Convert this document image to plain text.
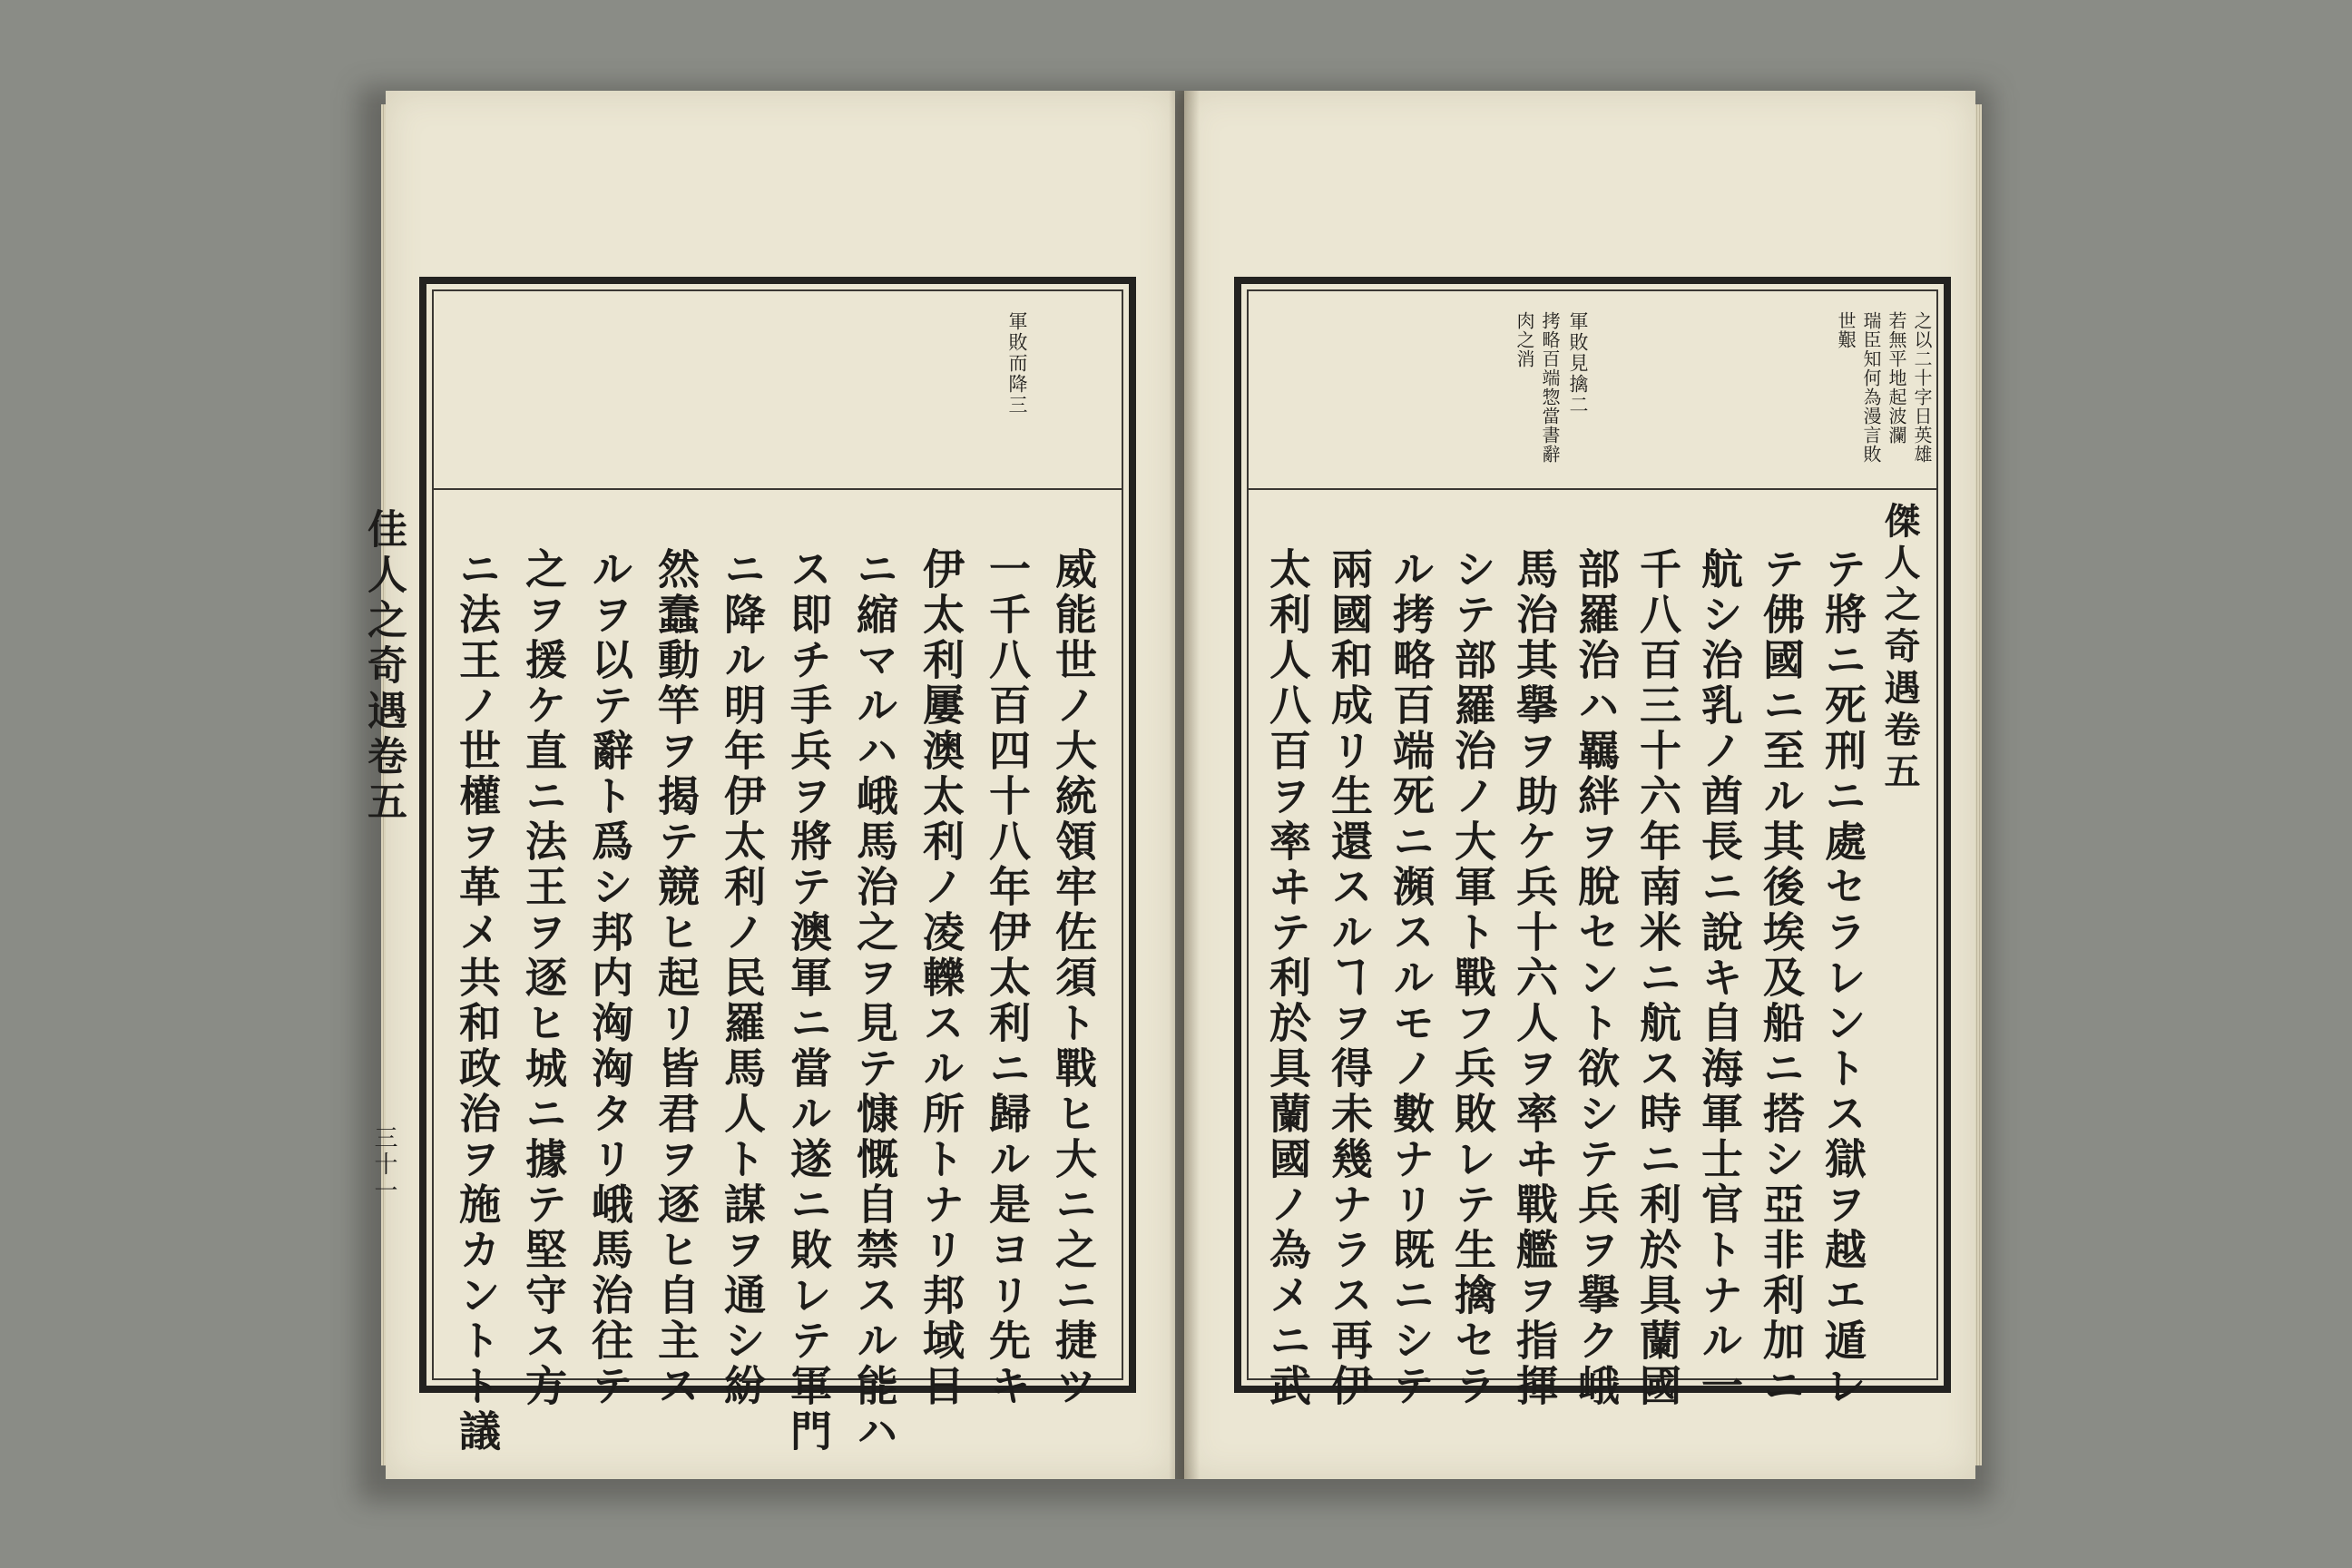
軍敗而降三
威能世ノ大統領牢佐須ト戰ヒ大ニ之ニ捷ツ
一千八百四十八年伊太利ニ歸ル是ヨリ先キ
伊太利屢澳太利ノ凌轢スル所トナリ邦域日
ニ縮マルハ峨馬治之ヲ見テ慷慨自禁スル能ハ
ス即チ手兵ヲ將テ澳軍ニ當ル遂ニ敗レテ軍門
ニ降ル明年伊太利ノ民羅馬人ト謀ヲ通シ紛
然蠢動竿ヲ揭テ競ヒ起リ皆君ヲ逐ヒ自主ス
ルヲ以テ辭ト爲シ邦内洶洶タリ峨馬治往テ
之ヲ援ケ直ニ法王ヲ逐ヒ城ニ據テ堅守ス方
ニ法王ノ世權ヲ革メ共和政治ヲ施カントト議
佳人之奇遇卷五
三十一
之以二十字日英雄
若無平地起波瀾
瑞臣知何為漫言敗
世艱
軍敗見擒二
拷略百端惣當書辭
肉之消
傑人之奇遇卷五
テ將ニ死刑ニ處セラレントス獄ヲ越エ遁レ
テ佛國ニ至ル其後埃及船ニ搭シ亞非利加ニ
航シ治乳ノ酋長ニ說キ自海軍士官トナル一
千八百三十六年南米ニ航ス時ニ利於具蘭國
部羅治ハ羈絆ヲ脫セント欲シテ兵ヲ擧ク峨
馬治其擧ヲ助ケ兵十六人ヲ率ヰ戰艦ヲ指揮
シテ部羅治ノ大軍ト戰フ兵敗レテ生擒セラ
ル拷略百端死ニ瀕スルモノ數ナリ既ニシテ
兩國和成リ生還スルヿヲ得未幾ナラス再伊
太利人八百ヲ率ヰテ利於具蘭國ノ為メニ武
